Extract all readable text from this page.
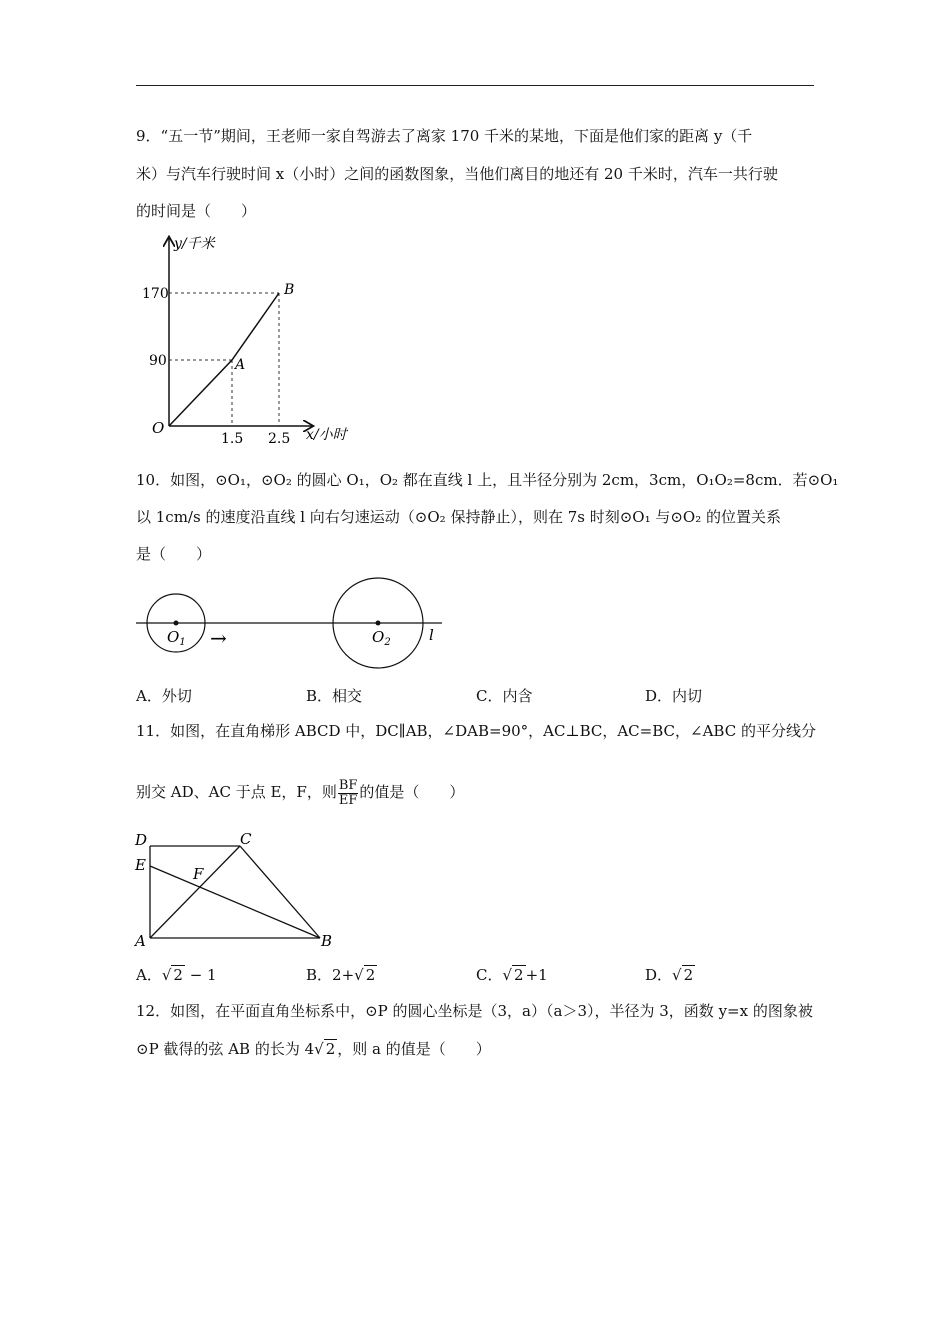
9．“五一节”期间，王老师一家自驾游去了离家 170 千米的某地，下面是他们家的距离 y（千
米）与汽车行驶时间 x（小时）之间的函数图象，当他们离目的地还有 20 千米时，汽车一共行驶
的时间是（　　）
y/千米
x/小时
O
170
90
1.5 2.5
A
B
10．如图，⊙O₁，⊙O₂ 的圆心 O₁，O₂ 都在直线 l 上，且半径分别为 2cm，3cm，O₁O₂=8cm．若⊙O₁
以 1cm/s 的速度沿直线 l 向右匀速运动（⊙O₂ 保持静止），则在 7s 时刻⊙O₁ 与⊙O₂ 的位置关系
是（　　）
$O_1$ →	$O_2$	l
A．外切	B．相交	C．内含	D．内切
11．如图，在直角梯形 ABCD 中，DC∥AB，∠DAB=90°，AC⊥BC，AC=BC，∠ABC 的平分线分
别交 AD、AC 于点 E，F，则 $\frac{BF}{EF}$ 的值是（　　）
D	C
E	F
A	B
A．√ 2 − 1	B．2+√ 2	C．√ 2 +1	D．√ 2
12．如图，在平面直角坐标系中，⊙P 的圆心坐标是（3，a）（a＞3），半径为 3，函数 y=x 的图象被
⊙P 截得的弦 AB 的长为 4√ 2 ，则 a 的值是（　　）
